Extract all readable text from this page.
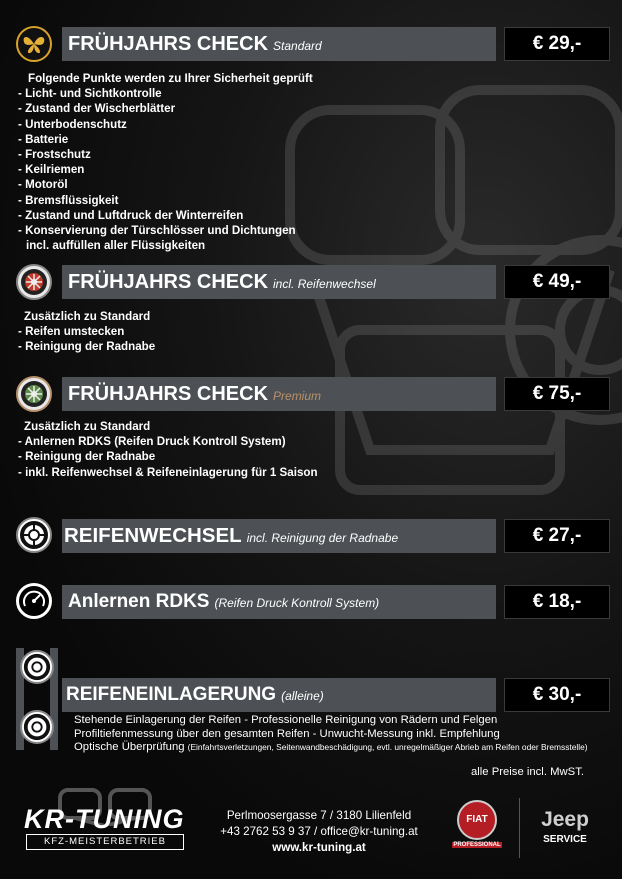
FRÜHJAHRS CHECK Standard	€ 29,-
Folgende Punkte werden zu Ihrer Sicherheit geprüft
- Licht- und Sichtkontrolle
- Zustand der Wischerblätter
- Unterbodenschutz
- Batterie
- Frostschutz
- Keilriemen
- Motoröl
- Bremsflüssigkeit
- Zustand und Luftdruck der Winterreifen
- Konservierung der Türschlösser und Dichtungen
incl. auffüllen aller Flüssigkeiten
FRÜHJAHRS CHECK incl. Reifenwechsel	€ 49,-
Zusätzlich zu Standard
- Reifen umstecken
- Reinigung der Radnabe
FRÜHJAHRS CHECK Premium	€ 75,-
Zusätzlich zu Standard
- Anlernen RDKS (Reifen Druck Kontroll System)
- Reinigung der Radnabe
- inkl. Reifenwechsel & Reifeneinlagerung für 1 Saison
REIFENWECHSEL incl. Reinigung der Radnabe	€ 27,-
Anlernen RDKS (Reifen Druck Kontroll System)	€ 18,-
REIFENEINLAGERUNG (alleine)	€ 30,-
Stehende Einlagerung der Reifen - Professionelle Reinigung von Rädern und Felgen
Profiltiefenmessung über den gesamten Reifen - Unwucht-Messung inkl. Empfehlung
Optische Überprüfung (Einfahrtsverletzungen, Seitenwandbeschädigung, evtl. unregelmäßiger Abrieb am Reifen oder Bremsstelle)
alle Preise incl. MwST.
KR-TUNING
KFZ-MEISTERBETRIEB
Perlmoosergasse 7 / 3180 Lilienfeld
+43 2762 53 9 37 / office@kr-tuning.at
www.kr-tuning.at
FIAT
PROFESSIONAL
Jeep
SERVICE
